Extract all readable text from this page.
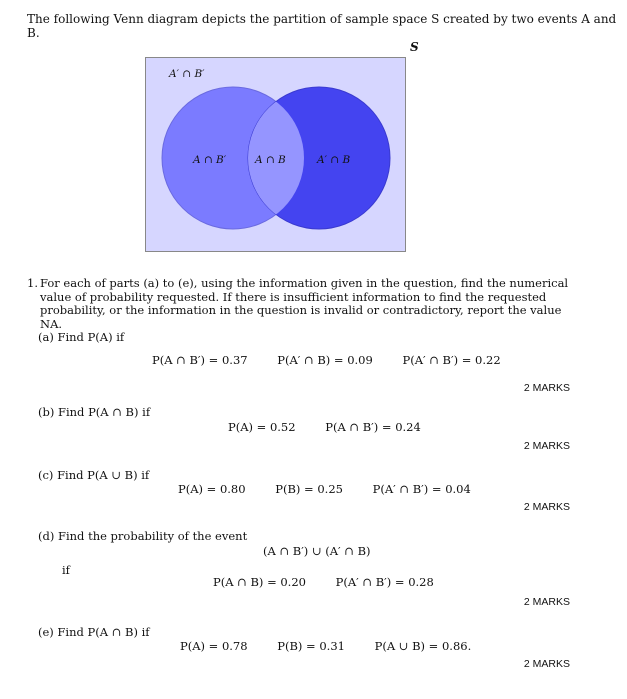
The following Venn diagram depicts the partition of sample space S created by two events A and B.
S
A′ ∩ B′
A ∩ B′	A ∩ B	A′ ∩ B
1. For each of parts (a) to (e), using the information given in the question, find the numerical value of probability requested. If there is insufficient information to find the requested probability, or the information in the question is invalid or contradictory, report the value NA.
(a) Find P(A) if
P(A ∩ B′) = 0.37	P(A′ ∩ B) = 0.09	P(A′ ∩ B′) = 0.22
2 MARKS
(b) Find P(A ∩ B) if
P(A) = 0.52	P(A ∩ B′) = 0.24
2 MARKS
(c) Find P(A ∪ B) if
P(A) = 0.80	P(B) = 0.25	P(A′ ∩ B′) = 0.04
2 MARKS
(d) Find the probability of the event
(A ∩ B′) ∪ (A′ ∩ B)
if
P(A ∩ B) = 0.20	P(A′ ∩ B′) = 0.28
2 MARKS
(e) Find P(A ∩ B) if
P(A) = 0.78	P(B) = 0.31	P(A ∪ B) = 0.86.
2 MARKS
